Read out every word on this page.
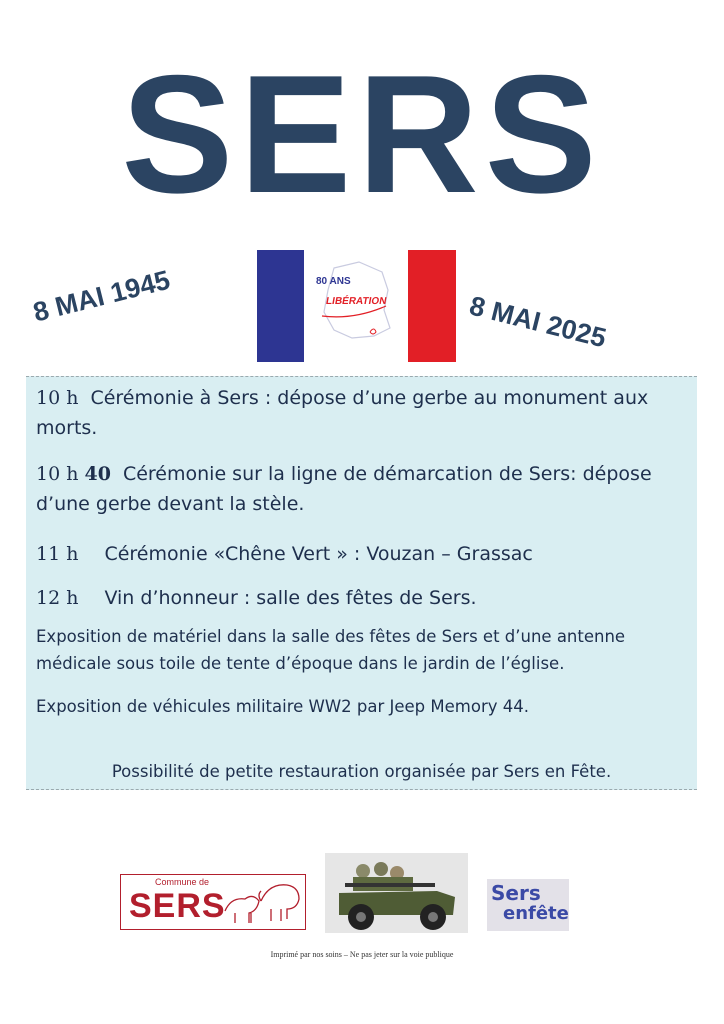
SERS
8 MAI 1945	8 MAI 2025
80 ANS
LIBÉRATION
10 h Cérémonie à Sers : dépose d’une gerbe au monument aux morts.
10 h 40 Cérémonie sur la ligne de démarcation de Sers: dépose d’une gerbe devant la stèle.
11 h Cérémonie «Chêne Vert » : Vouzan – Grassac
12 h Vin d’honneur : salle des fêtes de Sers.
Exposition de matériel dans la salle des fêtes de Sers et d’une antenne médicale sous toile de tente d’époque dans le jardin de l’église.
Exposition de véhicules militaire WW2 par Jeep Memory 44.
Possibilité de petite restauration organisée par Sers en Fête.
Commune de
SERS	Sers
enfête
Imprimé par nos soins – Ne pas jeter sur la voie publique
